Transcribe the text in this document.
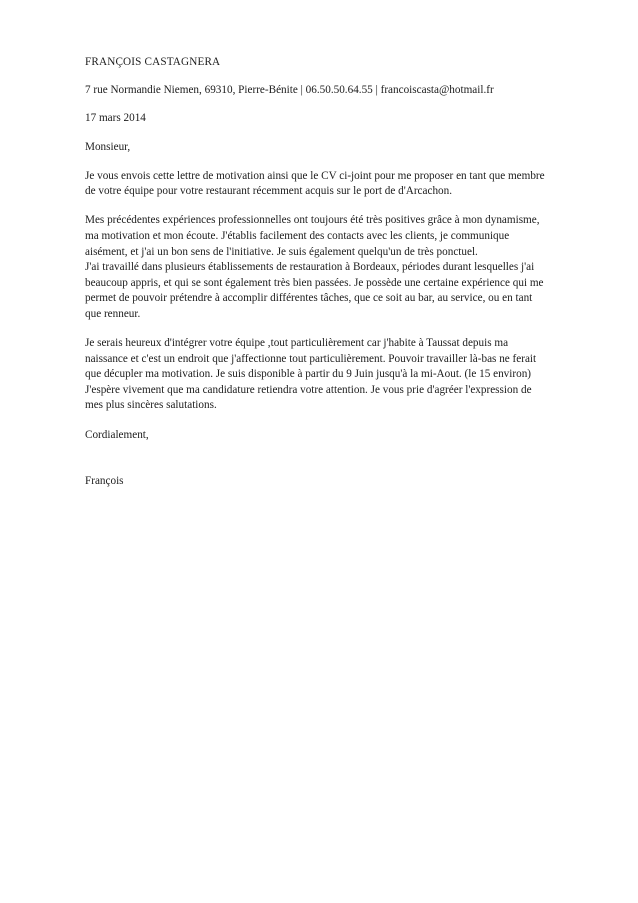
FRANÇOIS CASTAGNERA
7 rue Normandie Niemen, 69310, Pierre-Bénite | 06.50.50.64.55 | francoiscasta@hotmail.fr
17 mars 2014
Monsieur,
Je vous envois cette lettre de motivation ainsi que le CV ci-joint pour me proposer en tant que membre
de votre équipe pour votre restaurant récemment acquis sur le port de d'Arcachon.
Mes précédentes expériences professionnelles ont toujours été très positives grâce à mon dynamisme,
ma motivation et mon écoute. J'établis facilement des contacts avec les clients, je communique
aisément, et j'ai un bon sens de l'initiative. Je suis également quelqu'un de très ponctuel.
J'ai travaillé dans plusieurs établissements de restauration à Bordeaux, périodes durant lesquelles j'ai
beaucoup appris, et qui se sont également très bien passées. Je possède une certaine expérience qui me
permet de pouvoir prétendre à accomplir différentes tâches, que ce soit au bar, au service, ou en tant
que renneur.
Je serais heureux d'intégrer votre équipe ,tout particulièrement car j'habite à Taussat depuis ma
naissance et c'est un endroit que j'affectionne tout particulièrement. Pouvoir travailler là-bas ne ferait
que décupler ma motivation. Je suis disponible à partir du 9 Juin jusqu'à la mi-Aout. (le 15 environ)
J'espère vivement que ma candidature retiendra votre attention. Je vous prie d'agréer l'expression de
mes plus sincères salutations.
Cordialement,
François
